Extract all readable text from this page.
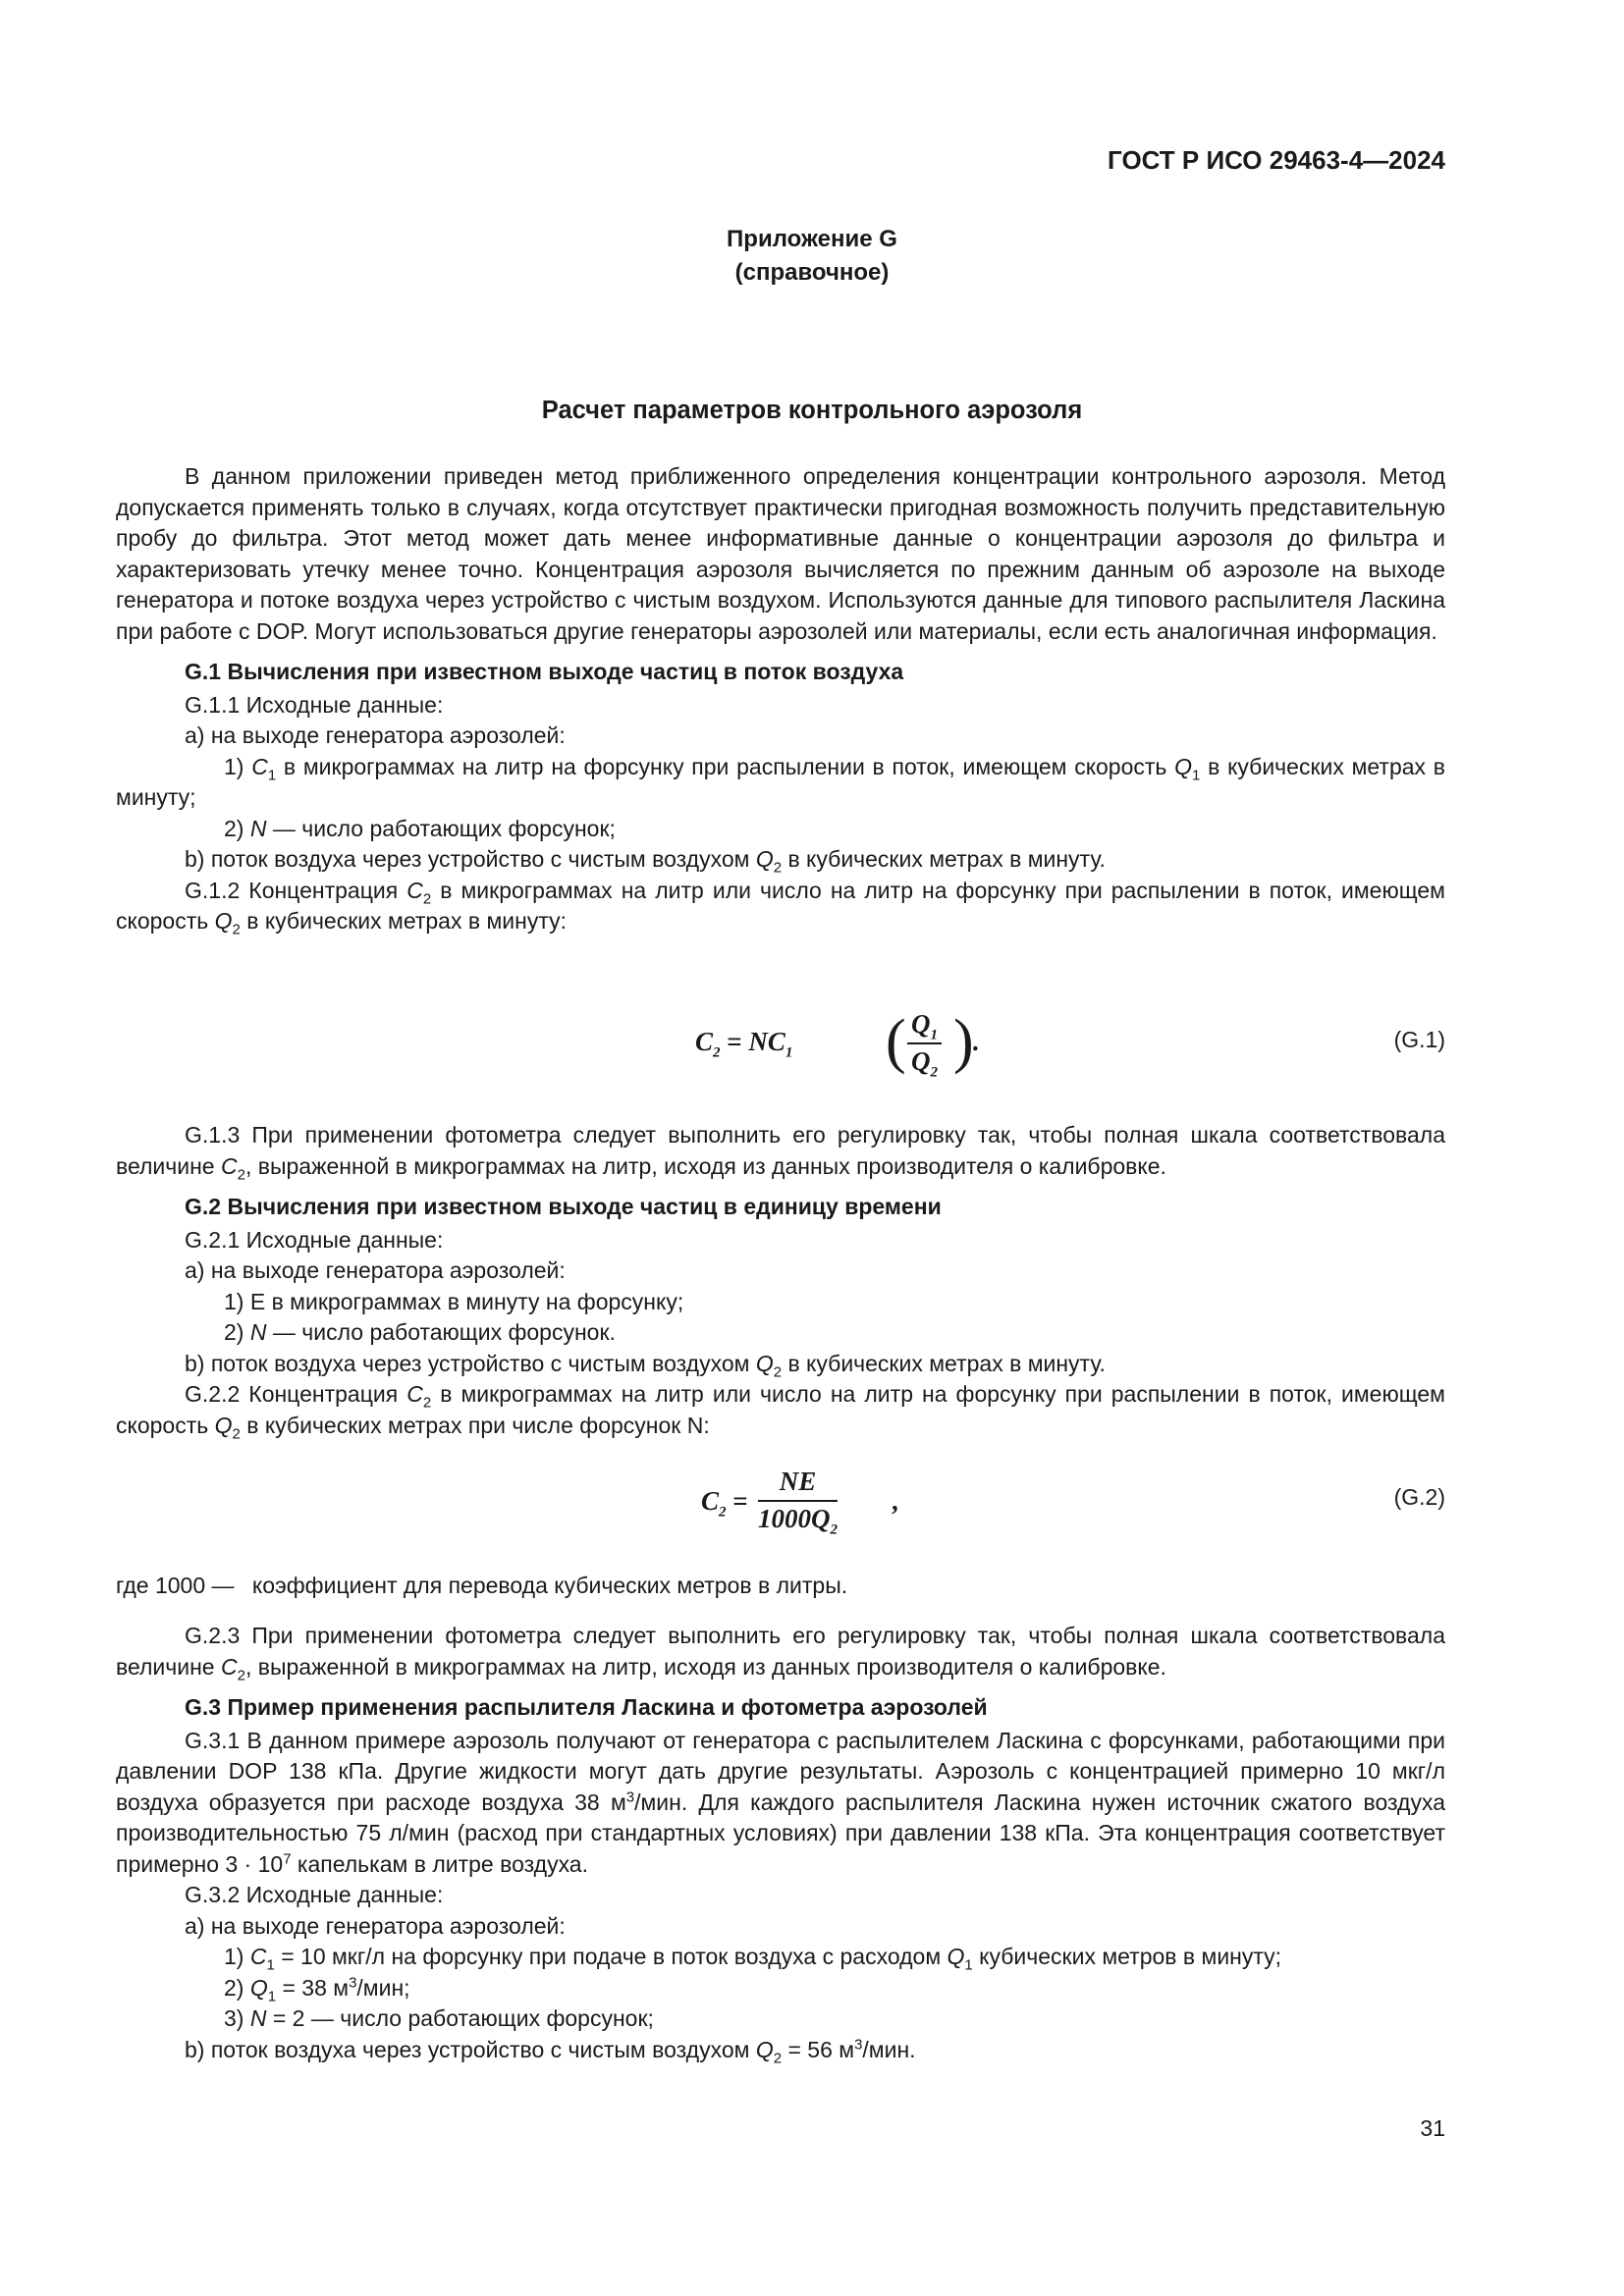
ГОСТ Р ИСО 29463-4—2024
Приложение G
(справочное)
Расчет параметров контрольного аэрозоля

В данном приложении приведен метод приближенного определения концентрации контрольного аэрозоля. Метод допускается применять только в случаях, когда отсутствует практически пригодная возможность получить представительную пробу до фильтра. Этот метод может дать менее информативные данные о концентрации аэрозоля до фильтра и характеризовать утечку менее точно. Концентрация аэрозоля вычисляется по прежним данным об аэрозоле на выходе генератора и потоке воздуха через устройство с чистым воздухом. Используются данные для типового распылителя Ласкина при работе с DOP. Могут использоваться другие генераторы аэрозолей или материалы, если есть аналогичная информация.

G.1 Вычисления при известном выходе частиц в поток воздуха

G.1.1 Исходные данные:

а) на выходе генератора аэрозолей:

1) $C_1$ в микрограммах на литр на форсунку при распылении в поток, имеющем скорость $Q_1$ в кубических метрах в минуту;

2) N — число работающих форсунок;

b) поток воздуха через устройство с чистым воздухом $Q_2$ в кубических метрах в минуту.

G.1.2 Концентрация $C_2$ в микрограммах на литр или число на литр на форсунку при распылении в поток, имеющем скорость $Q_2$ в кубических метрах в минуту:

$C_2 = NC_1$ ( $\frac{Q_1}{Q_2}$ )
.	(G.1)

G.1.3 При применении фотометра следует выполнить его регулировку так, чтобы полная шкала соответствовала величине $C_2$, выраженной в микрограммах на литр, исходя из данных производителя о калибровке.

G.2 Вычисления при известном выходе частиц в единицу времени

G.2.1 Исходные данные:

а) на выходе генератора аэрозолей:

1) Е в микрограммах в минуту на форсунку;

2) N — число работающих форсунок.

b) поток воздуха через устройство с чистым воздухом $Q_2$ в кубических метрах в минуту.

G.2.2 Концентрация $C_2$ в микрограммах на литр или число на литр на форсунку при распылении в поток, имеющем скорость $Q_2$ в кубических метрах при числе форсунок N:

$C_2 = \frac{NE}{1000Q_2}$ ,	(G.2)
где 1000 — коэффициент для перевода кубических метров в литры.

G.2.3 При применении фотометра следует выполнить его регулировку так, чтобы полная шкала соответствовала величине $C_2$, выраженной в микрограммах на литр, исходя из данных производителя о калибровке.

G.3 Пример применения распылителя Ласкина и фотометра аэрозолей

G.3.1 В данном примере аэрозоль получают от генератора с распылителем Ласкина с форсунками, работающими при давлении DOP 138 кПа. Другие жидкости могут дать другие результаты. Аэрозоль с концентрацией примерно 10 мкг/л воздуха образуется при расходе воздуха 38 $м^3$/мин. Для каждого распылителя Ласкина нужен источник сжатого воздуха производительностью 75 л/мин (расход при стандартных условиях) при давлении 138 кПа. Эта концентрация соответствует примерно $3 \cdot 10^7$ капелькам в литре воздуха.

G.3.2 Исходные данные:

а) на выходе генератора аэрозолей:

1) $C_1 = 10$ мкг/л на форсунку при подаче в поток воздуха с расходом $Q_1$ кубических метров в минуту;

2) $Q_1 = 38$ $м^3$/мин;

3) N = 2 — число работающих форсунок;

b) поток воздуха через устройство с чистым воздухом $Q_2 = 56$ $м^3$/мин.

31
